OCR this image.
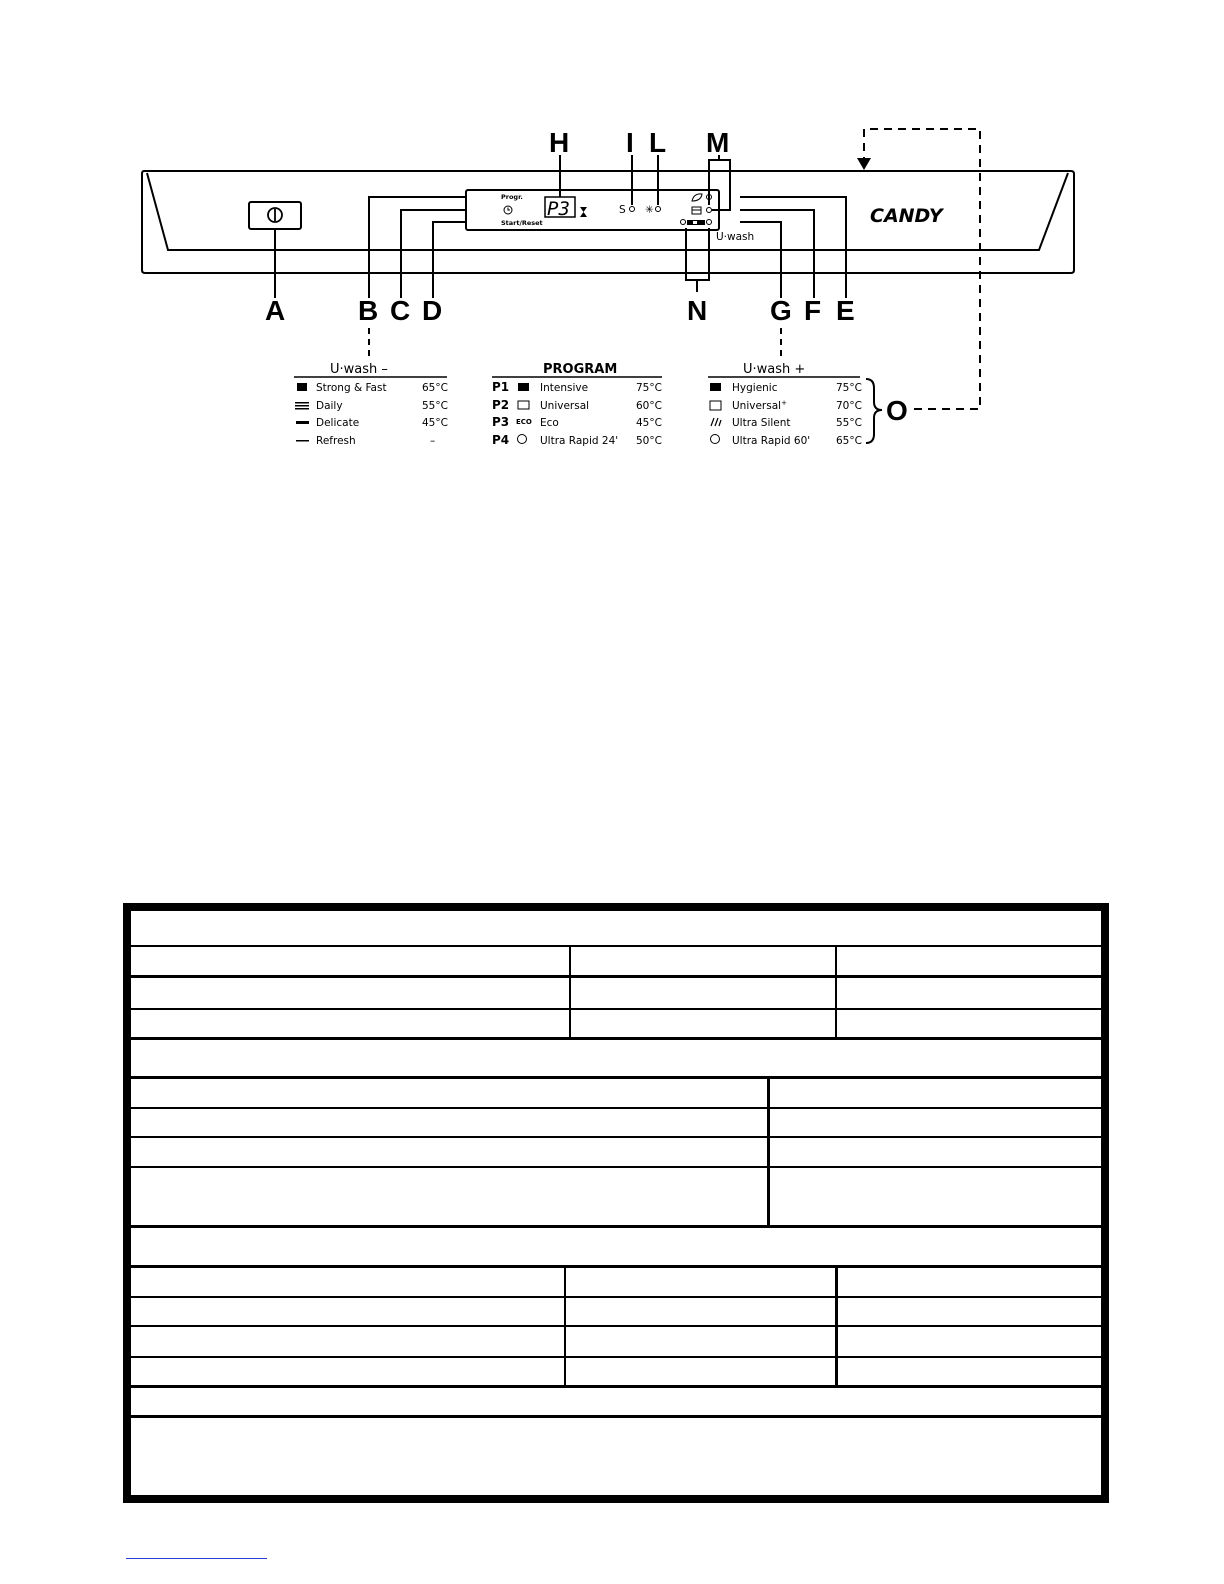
Progr.
Start/Reset
P3	S ✳
U·wash
CANDY
A	B C D	N G F E
H I L M
O
U·wash –
Strong & Fast	65°C
Daily	55°C
Delicate	45°C
Refresh	–
PROGRAM
P1	Intensive	75°C
P2	Universal	60°C
P3 ECO Eco	45°C
P4	Ultra Rapid 24' 50°C
U·wash +
Hygienic	75°C
Universal+	70°C
Ultra Silent	55°C
Ultra Rapid 60' 65°C
